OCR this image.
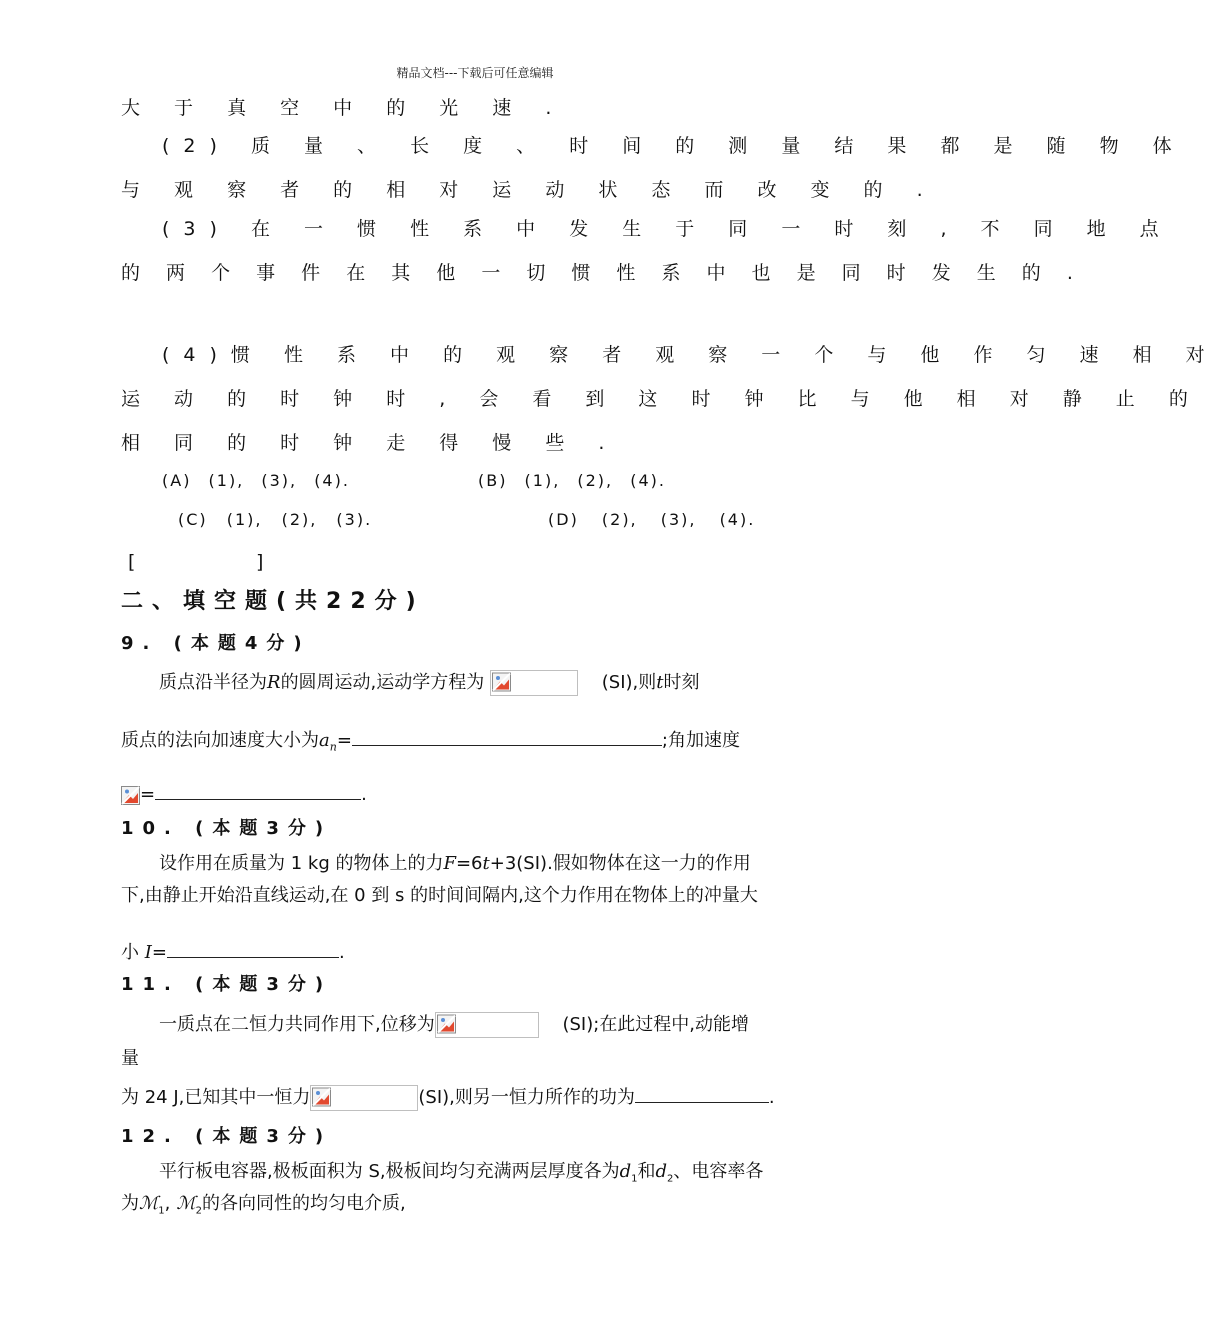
精品文档---下载后可任意编辑
大 于 真 空 中 的 光 速 .
(2) 质 量 、 长 度 、 时 间 的 测 量 结 果 都 是 随 物 体
与 观 察 者 的 相 对 运 动 状 态 而 改 变 的 .
(3) 在 一 惯 性 系 中 发 生 于 同 一 时 刻 , 不 同 地 点
的 两 个 事 件 在 其 他 一 切 惯 性 系 中 也 是 同 时 发 生 的 .
(4)惯 性 系 中 的 观 察 者 观 察 一 个 与 他 作 匀 速 相 对
运 动 的 时 钟 时 , 会 看 到 这 时 钟 比 与 他 相 对 静 止 的
相 同 的 时 钟 走 得 慢 些 .
(A) (1), (3), (4).	(B) (1), (2), (4).
(C) (1), (2), (3).	(D) (2), (3), (4).
[	]
二、填空题(共22分)
9. (本题4分)
质点沿半径为R的圆周运动,运动学方程为	(SI),则t时刻
质点的法向加速度大小为$a_n=$	;角加速度
=	.
10. (本题3分)
设作用在质量为 1 kg 的物体上的力F=6t+3(SI).假如物体在这一力的作用
下,由静止开始沿直线运动,在 0 到 s 的时间间隔内,这个力作用在物体上的冲量大
小 I=	.
11. (本题3分)
一质点在二恒力共同作用下,位移为	(SI);在此过程中,动能增
量
为 24 J,已知其中一恒力	(SI),则另一恒力所作的功为	.
12. (本题3分)
平行板电容器,极板面积为 S,极板间均匀充满两层厚度各为$d_1$和$d_2$、电容率各
为ℳ$_1$, ℳ$_2$的各向同性的均匀电介质,
